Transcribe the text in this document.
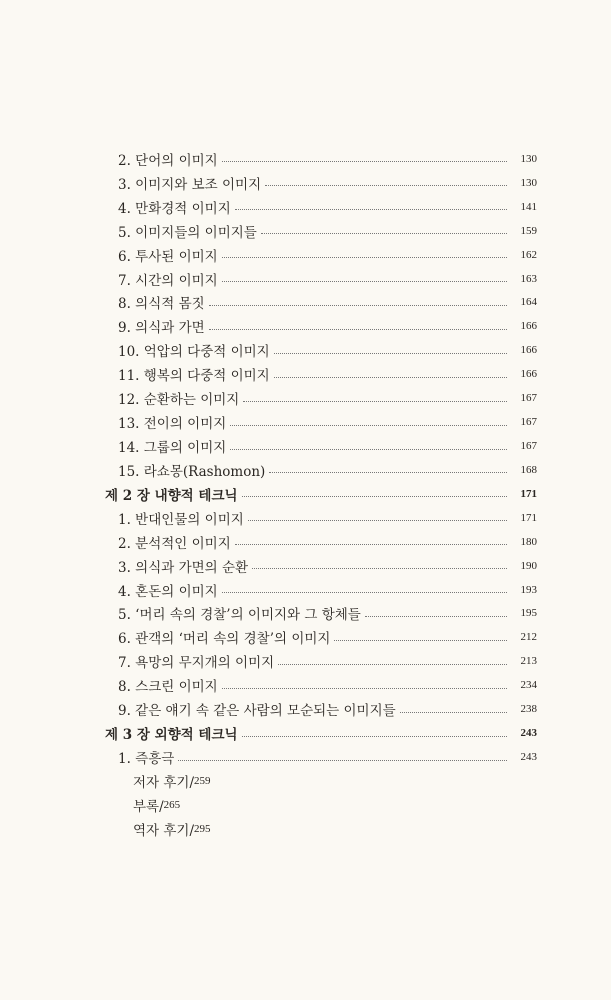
2. 단어의 이미지	130
3. 이미지와 보조 이미지	130
4. 만화경적 이미지	141
5. 이미지들의 이미지들	159
6. 투사된 이미지	162
7. 시간의 이미지	163
8. 의식적 몸짓	164
9. 의식과 가면	166
10. 억압의 다중적 이미지	166
11. 행복의 다중적 이미지	166
12. 순환하는 이미지	167
13. 전이의 이미지	167
14. 그룹의 이미지	167
15. 라쇼몽(Rashomon)	168
제 2 장 내향적 테크닉	171
1. 반대인물의 이미지	171
2. 분석적인 이미지	180
3. 의식과 가면의 순환	190
4. 혼돈의 이미지	193
5. ‘머리 속의 경찰’의 이미지와 그 항체들	195
6. 관객의 ‘머리 속의 경찰’의 이미지	212
7. 욕망의 무지개의 이미지	213
8. 스크린 이미지	234
9. 같은 얘기 속 같은 사람의 모순되는 이미지들	238
제 3 장 외향적 테크닉	243
1. 즉흥극	243
저자 후기/ 259
부록/ 265
역자 후기/ 295
